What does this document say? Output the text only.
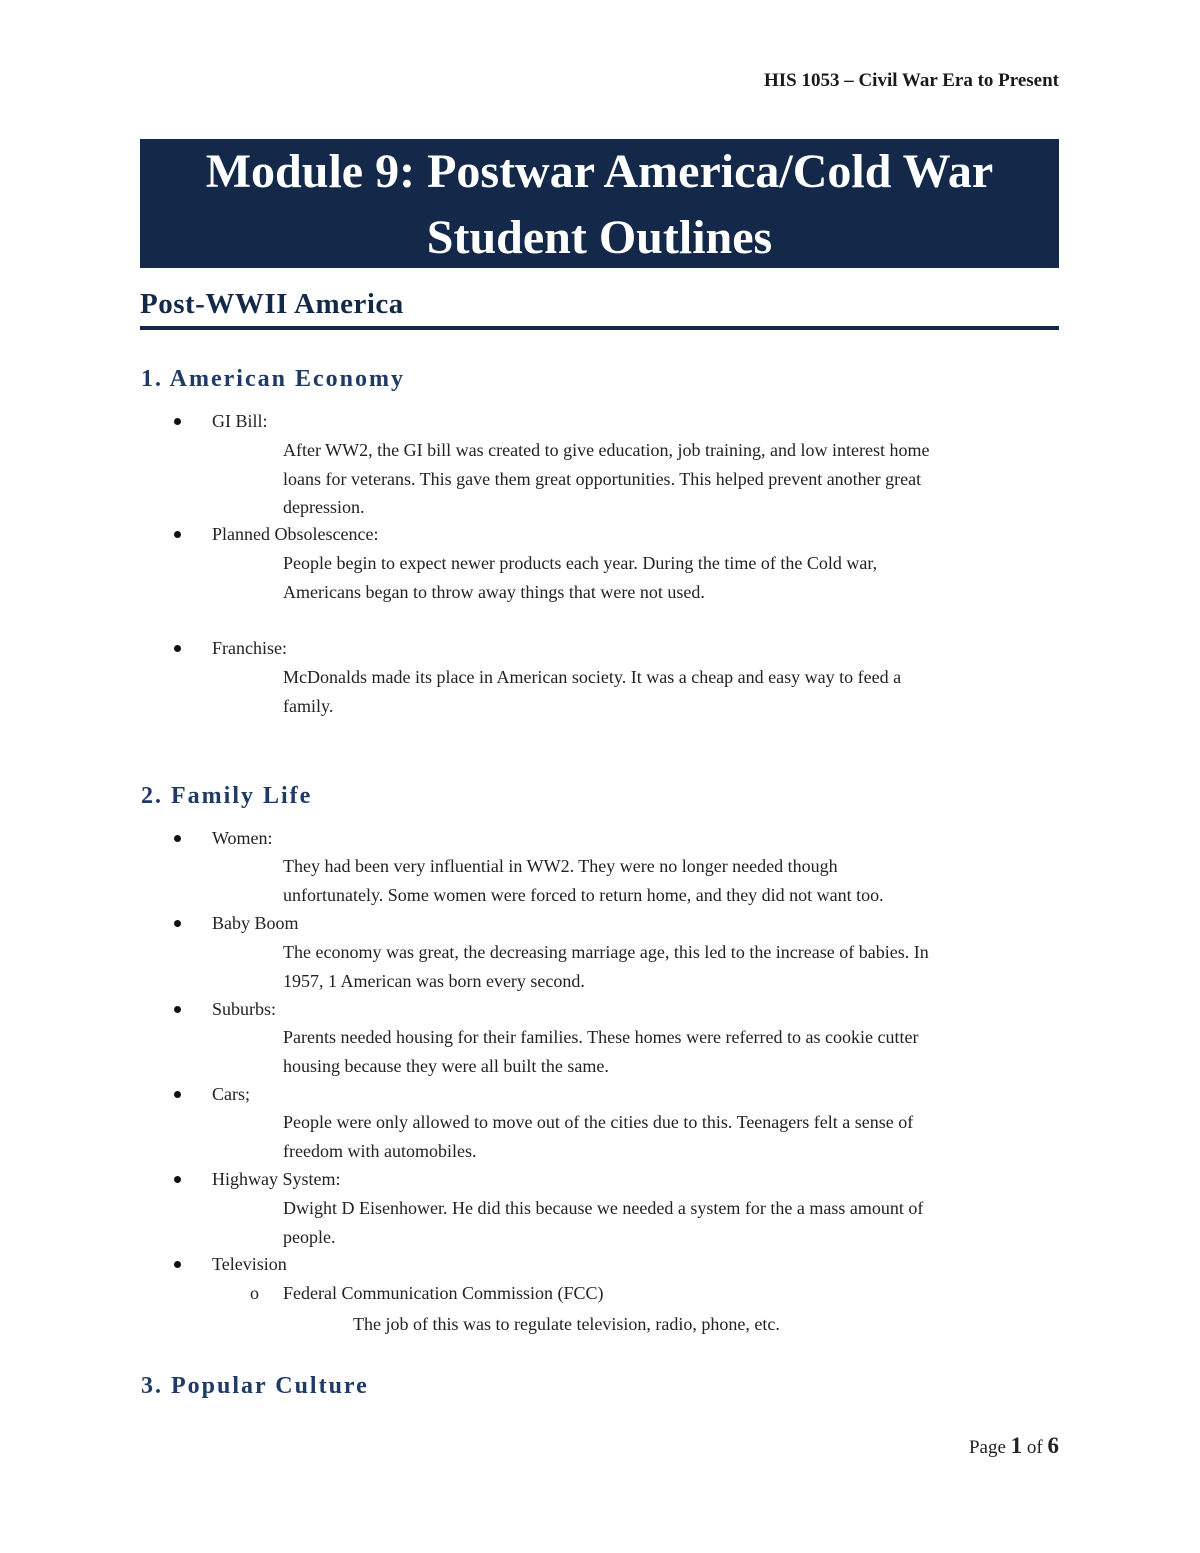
HIS 1053 – Civil War Era to Present
Module 9: Postwar America/Cold War
Student Outlines
Post-WWII America
1. American Economy
GI Bill:
After WW2, the GI bill was created to give education, job training, and low interest home
loans for veterans. This gave them great opportunities. This helped prevent another great
depression.
Planned Obsolescence:
People begin to expect newer products each year. During the time of the Cold war,
Americans began to throw away things that were not used.
Franchise:
McDonalds made its place in American society. It was a cheap and easy way to feed a
family.
2. Family Life
Women:
They had been very influential in WW2. They were no longer needed though
unfortunately. Some women were forced to return home, and they did not want too.
Baby Boom
The economy was great, the decreasing marriage age, this led to the increase of babies. In
1957, 1 American was born every second.
Suburbs:
Parents needed housing for their families. These homes were referred to as cookie cutter
housing because they were all built the same.
Cars;
People were only allowed to move out of the cities due to this. Teenagers felt a sense of
freedom with automobiles.
Highway System:
Dwight D Eisenhower. He did this because we needed a system for the a mass amount of
people.
Television
o Federal Communication Commission (FCC)
The job of this was to regulate television, radio, phone, etc.
3. Popular Culture
Page 1 of 6
